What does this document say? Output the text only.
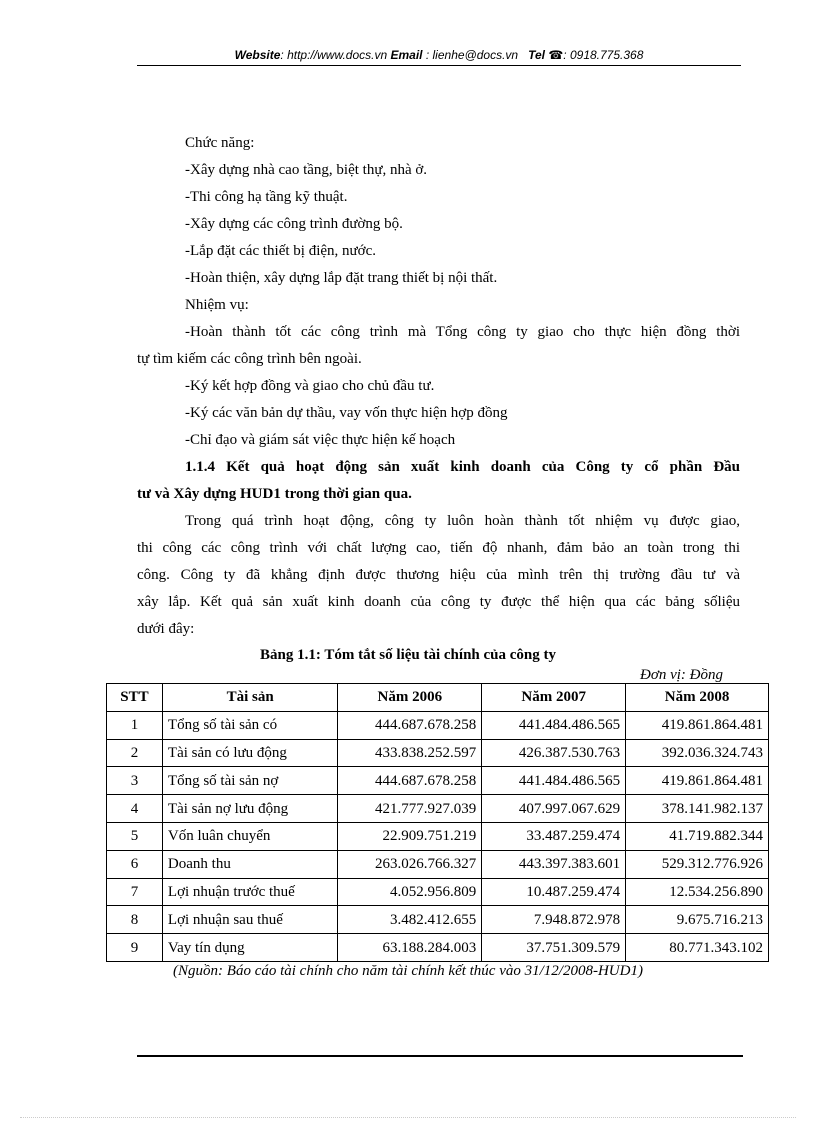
Website: http://www.docs.vn Email : lienhe@docs.vn Tel ☎: 0918.775.368
Chức năng:
-Xây dựng nhà cao tầng, biệt thự, nhà ở.
-Thi công hạ tầng kỹ thuật.
-Xây dựng các công trình đường bộ.
-Lắp đặt các thiết bị điện, nước.
-Hoàn thiện, xây dựng lắp đặt trang thiết bị nội thất.
Nhiệm vụ:
-Hoàn thành tốt các công trình mà Tổng công ty giao cho thực hiện đồng thời
tự tìm kiếm các công trình bên ngoài.
-Ký kết hợp đồng và giao cho chủ đầu tư.
-Ký các văn bản dự thầu, vay vốn thực hiện hợp đồng
-Chỉ đạo và giám sát việc thực hiện kế hoạch
1.1.4 Kết quả hoạt động sản xuất kinh doanh của Công ty cổ phần Đầu
tư và Xây dựng HUD1 trong thời gian qua.
Trong quá trình hoạt động, công ty luôn hoàn thành tốt nhiệm vụ được giao,
thi công các công trình với chất lượng cao, tiến độ nhanh, đảm bảo an toàn trong thi
công. Công ty đã khẳng định được thương hiệu của mình trên thị trường đầu tư và
xây lắp. Kết quả sản xuất kinh doanh của công ty được thể hiện qua các bảng sốliệu
dưới đây:
Bảng 1.1: Tóm tắt số liệu tài chính của công ty
Đơn vị: Đồng
STT	Tài sản	Năm 2006	Năm 2007	Năm 2008
1	Tổng số tài sản có	444.687.678.258	441.484.486.565	419.861.864.481
2	Tài sản có lưu động	433.838.252.597	426.387.530.763	392.036.324.743
3	Tổng số tài sản nợ	444.687.678.258	441.484.486.565	419.861.864.481
4	Tài sản nợ lưu động	421.777.927.039	407.997.067.629	378.141.982.137
5	Vốn luân chuyển	22.909.751.219	33.487.259.474	41.719.882.344
6	Doanh thu	263.026.766.327	443.397.383.601	529.312.776.926
7	Lợi nhuận trước thuế	4.052.956.809	10.487.259.474	12.534.256.890
8	Lợi nhuận sau thuế	3.482.412.655	7.948.872.978	9.675.716.213
9	Vay tín dụng	63.188.284.003	37.751.309.579	80.771.343.102
(Nguồn: Báo cáo tài chính cho năm tài chính kết thúc vào 31/12/2008-HUD1)
